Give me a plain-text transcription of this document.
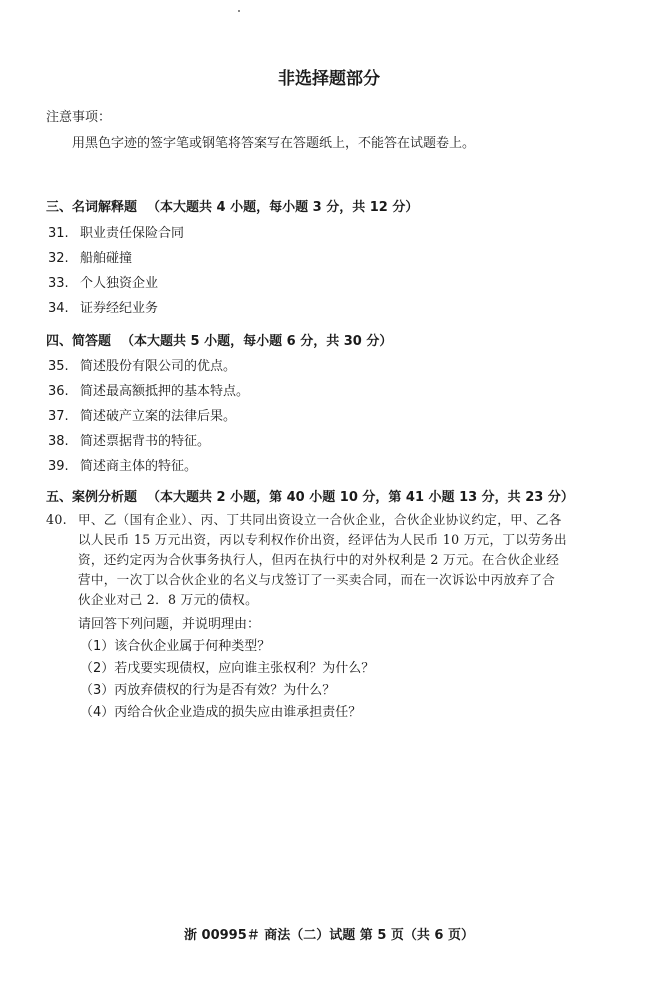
非选择题部分
注意事项：
用黑色字迹的签字笔或钢笔将答案写在答题纸上，不能答在试题卷上。
三、名词解释题 （本大题共 4 小题，每小题 3 分，共 12 分）
31. 职业责任保险合同
32. 船舶碰撞
33. 个人独资企业
34. 证券经纪业务
四、简答题 （本大题共 5 小题，每小题 6 分，共 30 分）
35. 简述股份有限公司的优点。
36. 简述最高额抵押的基本特点。
37. 简述破产立案的法律后果。
38. 简述票据背书的特征。
39. 简述商主体的特征。
五、案例分析题 （本大题共 2 小题，第 40 小题 10 分，第 41 小题 13 分，共 23 分）
40. 甲、乙（国有企业）、丙、丁共同出资设立一合伙企业，合伙企业协议约定，甲、乙各
以人民币 15 万元出资，丙以专利权作价出资，经评估为人民币 10 万元，丁以劳务出
资，还约定丙为合伙事务执行人，但丙在执行中的对外权利是 2 万元。在合伙企业经
营中，一次丁以合伙企业的名义与戊签订了一买卖合同，而在一次诉讼中丙放弃了合
伙企业对己 2．8 万元的债权。
请回答下列问题，并说明理由：
（1）该合伙企业属于何种类型？
（2）若戊要实现债权，应向谁主张权利？为什么？
（3）丙放弃债权的行为是否有效？为什么？
（4）丙给合伙企业造成的损失应由谁承担责任？
浙 00995＃ 商法（二）试题 第 5 页（共 6 页）
